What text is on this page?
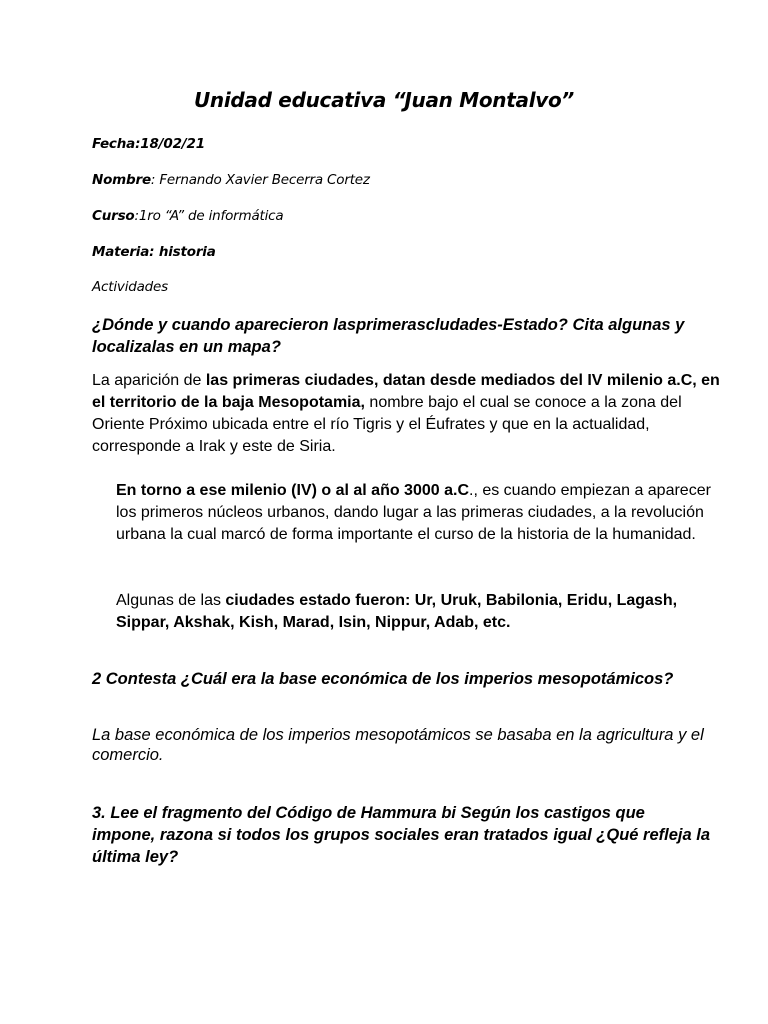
Unidad educativa “Juan Montalvo”
Fecha:18/02/21
Nombre: Fernando Xavier Becerra Cortez
Curso:1ro “A” de informática
Materia: historia
Actividades
¿Dónde y cuando aparecieron lasprimerascludades-Estado? Cita algunas y localizalas en un mapa?
La aparición de las primeras ciudades, datan desde mediados del IV milenio a.C, en el territorio de la baja Mesopotamia, nombre bajo el cual se conoce a la zona del Oriente Próximo ubicada entre el río Tigris y el Éufrates y que en la actualidad, corresponde a Irak y este de Siria.
En torno a ese milenio (IV) o al al año 3000 a.C., es cuando empiezan a aparecer los primeros núcleos urbanos, dando lugar a las primeras ciudades, a la revolución urbana la cual marcó de forma importante el curso de la historia de la humanidad.
Algunas de las ciudades estado fueron: Ur, Uruk, Babilonia, Eridu, Lagash, Sippar, Akshak, Kish, Marad, Isin, Nippur, Adab, etc.
2 Contesta ¿Cuál era la base económica de los imperios mesopotámicos?
La base económica de los imperios mesopotámicos se basaba en la agricultura y el comercio.
3. Lee el fragmento del Código de Hammura bi Según los castigos que impone, razona si todos los grupos sociales eran tratados igual ¿Qué refleja la última ley?
